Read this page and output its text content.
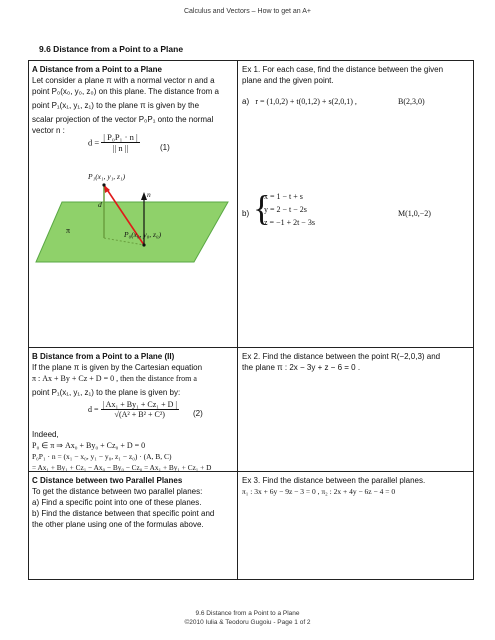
Calculus and Vectors – How to get an A+
9.6 Distance from a Point to a Plane
A Distance from a Point to a Plane
Let consider a plane π with a normal vector n and a
point P₀(x₀, y₀, z₀) on this plane. The distance from a
point P₁(x₁, y₁, z₁) to the plane π is given by the
scalar projection of the vector P₀P₁ onto the normal
vector n :
$d = \frac{\text{| P₀P₁ · n |}}{|| n ||}$	(1)
P₁(x₁, y₁, z₁)
n
d
π	P₀(x₀, y₀, z₀)
Ex 1. For each case, find the distance between the given
plane and the given point.
a) r = (1,0,2) + t(0,1,2) + s(2,0,1) ,	B(2,3,0)
b) {
x = 1 − t + s
y = 2 − t − 2s
z = −1 + 2t − 3s
M(1,0,−2)
B Distance from a Point to a Plane (II)
If the plane π is given by the Cartesian equation
π : Ax + By + Cz + D = 0 , then the distance from a
point P₁(x₁, y₁, z₁) to the plane is given by:
$d = \frac{\text{| Ax₁ + By₁ + Cz₁ + D |}}{\text{√(A² + B² + C²)}} (2)$
Indeed,
P₀ ∈ π ⇒ Ax₀ + By₀ + Cz₀ + D = 0
P₀P₁ · n = (x₁ − x₀, y₁ − y₀, z₁ − z₀) · (A, B, C)
= Ax₁ + By₁ + Cz₁ − Ax₀ − By₀ − Cz₀ = Ax₁ + By₁ + Cz₁ + D
Ex 2. Find the distance between the point R(−2,0,3) and
the plane π : 2x − 3y + z − 6 = 0 .
C Distance between two Parallel Planes
To get the distance between two parallel planes:
a) Find a specific point into one of these planes.
b) Find the distance between that specific point and
the other plane using one of the formulas above.
Ex 3. Find the distance between the parallel planes.
π₁ : 3x + 6y − 9z − 3 = 0 , π₂ : 2x + 4y − 6z − 4 = 0
9.6 Distance from a Point to a Plane
©2010 Iulia & Teodoru Gugoiu - Page 1 of 2
